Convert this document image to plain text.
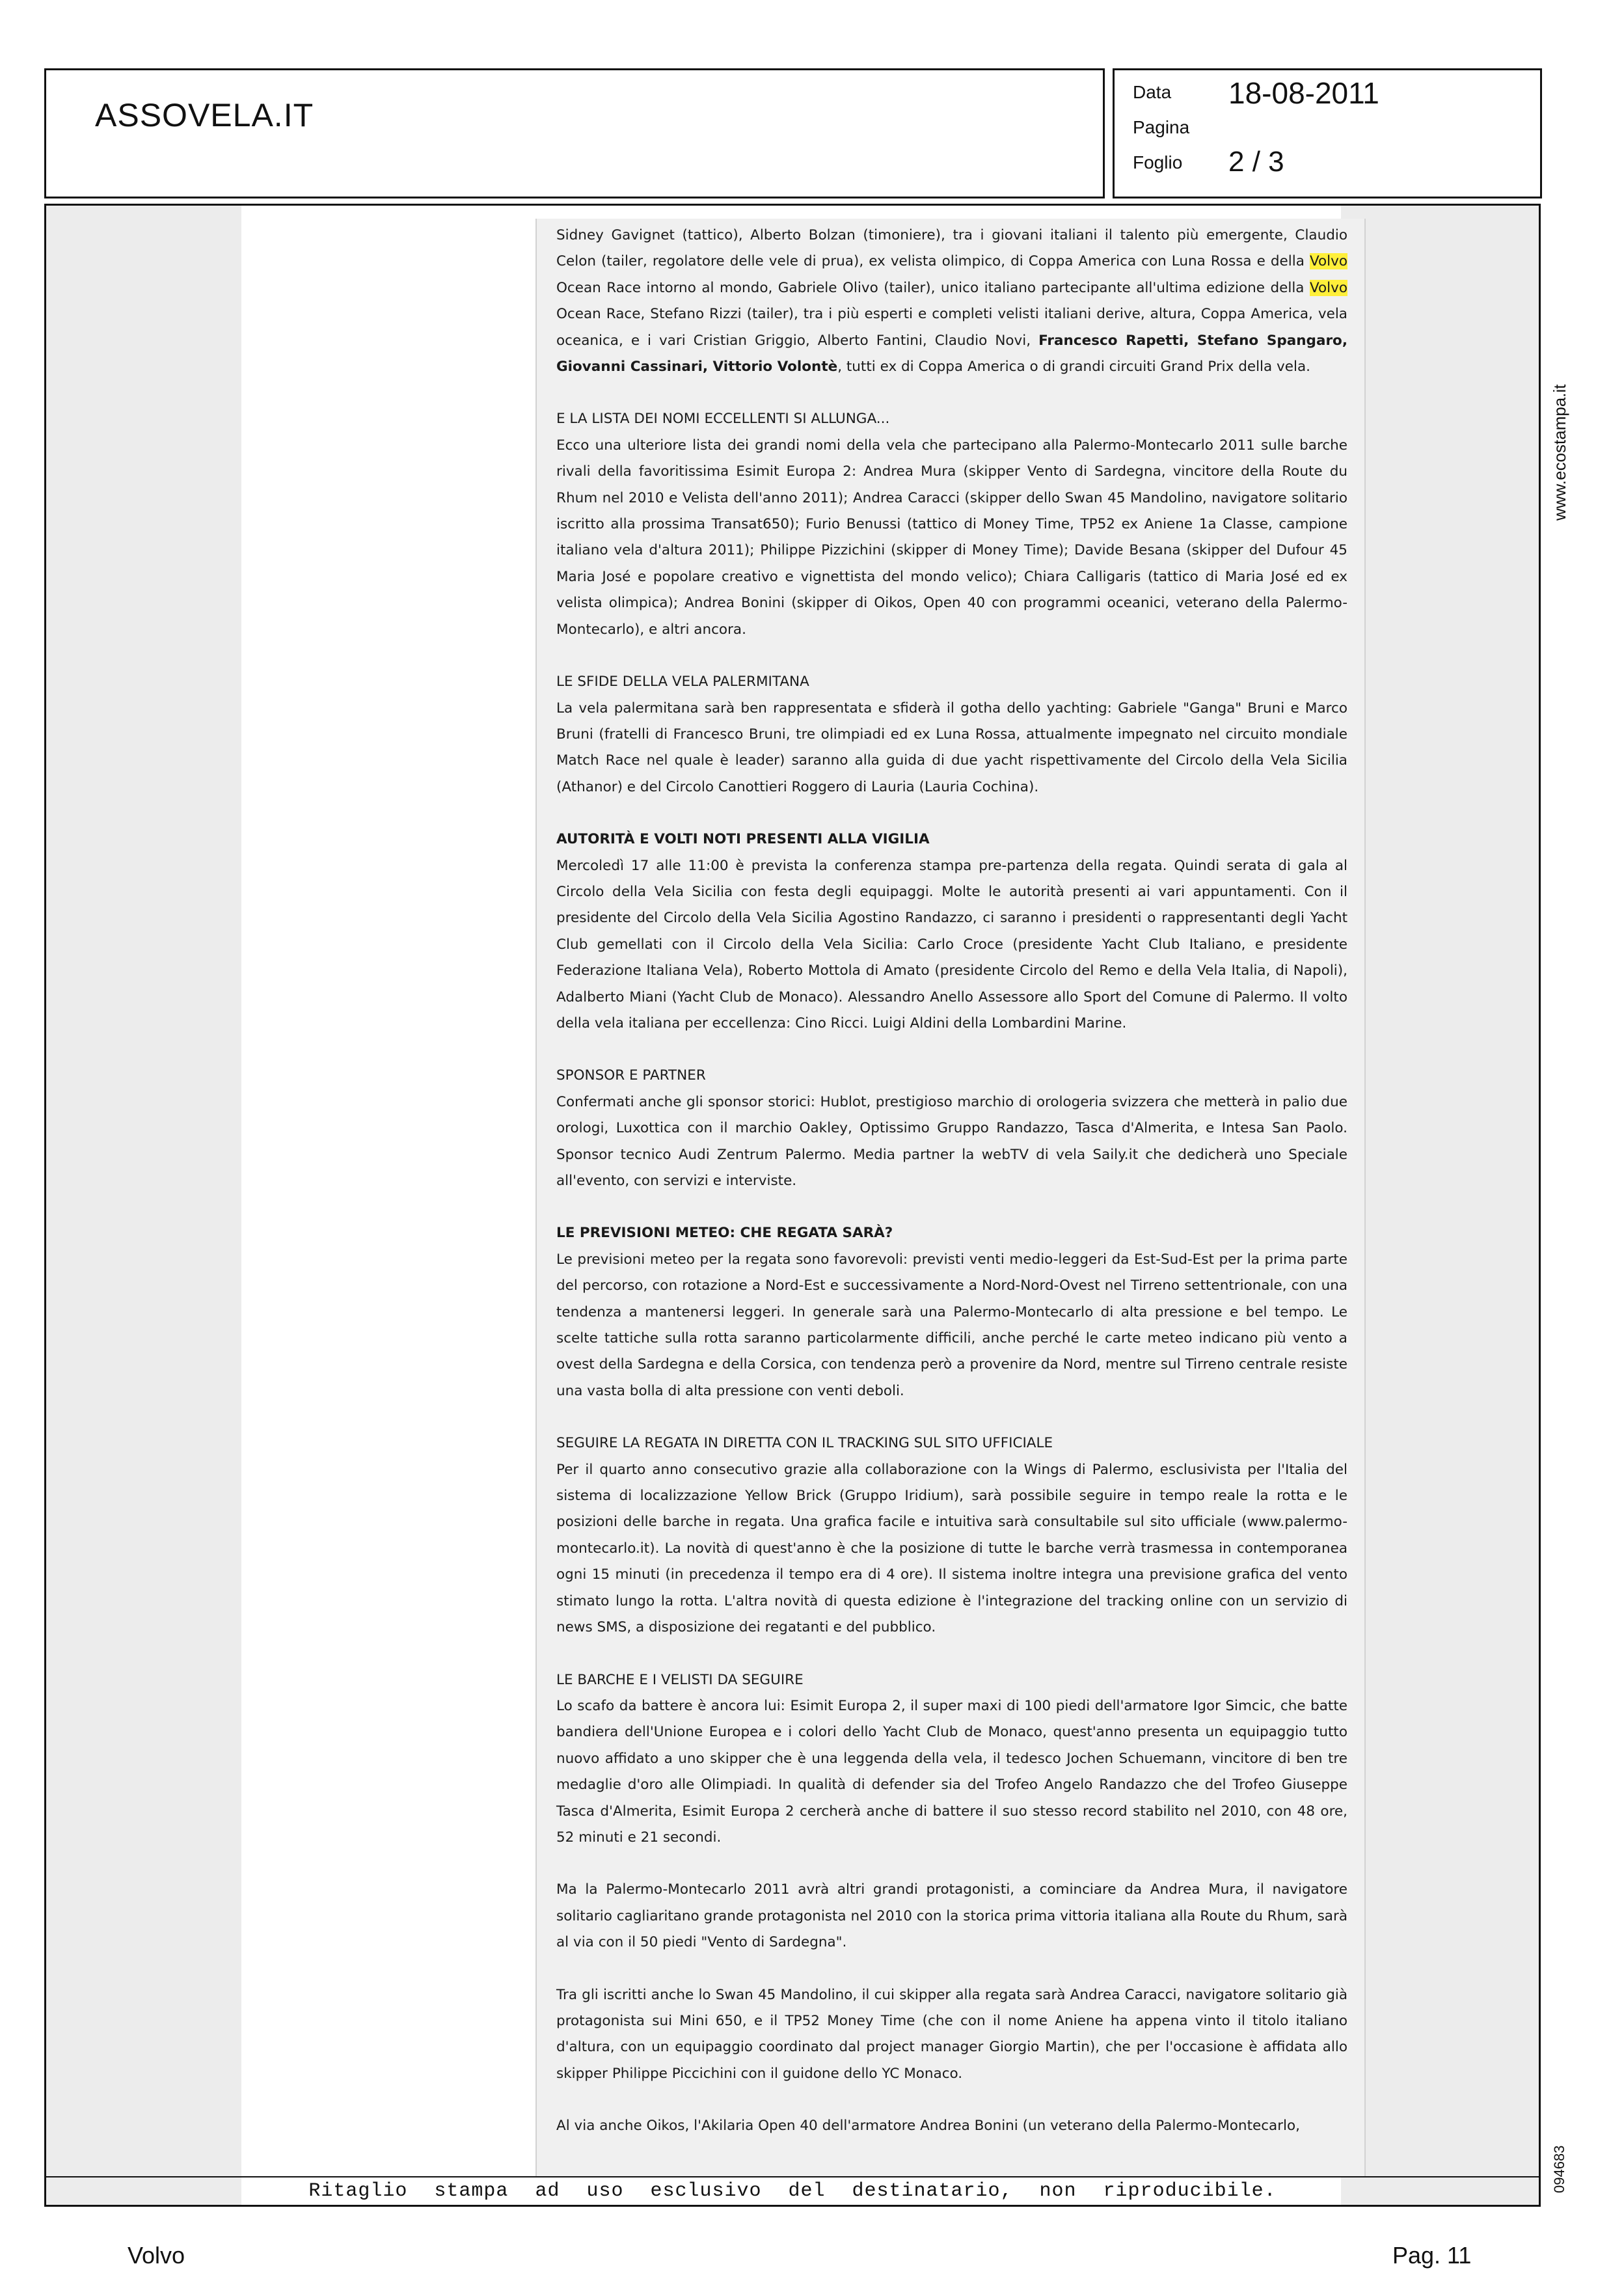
ASSOVELA.IT
Data 18-08-2011
Pagina
Foglio 2 / 3
www.ecostampa.it
094683

Sidney Gavignet (tattico), Alberto Bolzan (timoniere), tra i giovani italiani il talento più emergente, Claudio Celon (tailer, regolatore delle vele di prua), ex velista olimpico, di Coppa America con Luna Rossa e della Volvo Ocean Race intorno al mondo, Gabriele Olivo (tailer), unico italiano partecipante all'ultima edizione della Volvo Ocean Race, Stefano Rizzi (tailer), tra i più esperti e completi velisti italiani derive, altura, Coppa America, vela oceanica, e i vari Cristian Griggio, Alberto Fantini, Claudio Novi, Francesco Rapetti, Stefano Spangaro, Giovanni Cassinari, Vittorio Volontè, tutti ex di Coppa America o di grandi circuiti Grand Prix della vela.

E LA LISTA DEI NOMI ECCELLENTI SI ALLUNGA...
Ecco una ulteriore lista dei grandi nomi della vela che partecipano alla Palermo-Montecarlo 2011 sulle barche rivali della favoritissima Esimit Europa 2: Andrea Mura (skipper Vento di Sardegna, vincitore della Route du Rhum nel 2010 e Velista dell'anno 2011); Andrea Caracci (skipper dello Swan 45 Mandolino, navigatore solitario iscritto alla prossima Transat650); Furio Benussi (tattico di Money Time, TP52 ex Aniene 1a Classe, campione italiano vela d'altura 2011); Philippe Pizzichini (skipper di Money Time); Davide Besana (skipper del Dufour 45 Maria José e popolare creativo e vignettista del mondo velico); Chiara Calligaris (tattico di Maria José ed ex velista olimpica); Andrea Bonini (skipper di Oikos, Open 40 con programmi oceanici, veterano della Palermo-Montecarlo), e altri ancora.

LE SFIDE DELLA VELA PALERMITANA
La vela palermitana sarà ben rappresentata e sfiderà il gotha dello yachting: Gabriele "Ganga" Bruni e Marco Bruni (fratelli di Francesco Bruni, tre olimpiadi ed ex Luna Rossa, attualmente impegnato nel circuito mondiale Match Race nel quale è leader) saranno alla guida di due yacht rispettivamente del Circolo della Vela Sicilia (Athanor) e del Circolo Canottieri Roggero di Lauria (Lauria Cochina).

AUTORITÀ E VOLTI NOTI PRESENTI ALLA VIGILIA
Mercoledì 17 alle 11:00 è prevista la conferenza stampa pre-partenza della regata. Quindi serata di gala al Circolo della Vela Sicilia con festa degli equipaggi. Molte le autorità presenti ai vari appuntamenti. Con il presidente del Circolo della Vela Sicilia Agostino Randazzo, ci saranno i presidenti o rappresentanti degli Yacht Club gemellati con il Circolo della Vela Sicilia: Carlo Croce (presidente Yacht Club Italiano, e presidente Federazione Italiana Vela), Roberto Mottola di Amato (presidente Circolo del Remo e della Vela Italia, di Napoli), Adalberto Miani (Yacht Club de Monaco). Alessandro Anello Assessore allo Sport del Comune di Palermo. Il volto della vela italiana per eccellenza: Cino Ricci. Luigi Aldini della Lombardini Marine.

SPONSOR E PARTNER
Confermati anche gli sponsor storici: Hublot, prestigioso marchio di orologeria svizzera che metterà in palio due orologi, Luxottica con il marchio Oakley, Optissimo Gruppo Randazzo, Tasca d'Almerita, e Intesa San Paolo. Sponsor tecnico Audi Zentrum Palermo. Media partner la webTV di vela Saily.it che dedicherà uno Speciale all'evento, con servizi e interviste.

LE PREVISIONI METEO: CHE REGATA SARÀ?
Le previsioni meteo per la regata sono favorevoli: previsti venti medio-leggeri da Est-Sud-Est per la prima parte del percorso, con rotazione a Nord-Est e successivamente a Nord-Nord-Ovest nel Tirreno settentrionale, con una tendenza a mantenersi leggeri. In generale sarà una Palermo-Montecarlo di alta pressione e bel tempo. Le scelte tattiche sulla rotta saranno particolarmente difficili, anche perché le carte meteo indicano più vento a ovest della Sardegna e della Corsica, con tendenza però a provenire da Nord, mentre sul Tirreno centrale resiste una vasta bolla di alta pressione con venti deboli.

SEGUIRE LA REGATA IN DIRETTA CON IL TRACKING SUL SITO UFFICIALE
Per il quarto anno consecutivo grazie alla collaborazione con la Wings di Palermo, esclusivista per l'Italia del sistema di localizzazione Yellow Brick (Gruppo Iridium), sarà possibile seguire in tempo reale la rotta e le posizioni delle barche in regata. Una grafica facile e intuitiva sarà consultabile sul sito ufficiale (www.palermo-montecarlo.it). La novità di quest'anno è che la posizione di tutte le barche verrà trasmessa in contemporanea ogni 15 minuti (in precedenza il tempo era di 4 ore). Il sistema inoltre integra una previsione grafica del vento stimato lungo la rotta. L'altra novità di questa edizione è l'integrazione del tracking online con un servizio di news SMS, a disposizione dei regatanti e del pubblico.

LE BARCHE E I VELISTI DA SEGUIRE
Lo scafo da battere è ancora lui: Esimit Europa 2, il super maxi di 100 piedi dell'armatore Igor Simcic, che batte bandiera dell'Unione Europea e i colori dello Yacht Club de Monaco, quest'anno presenta un equipaggio tutto nuovo affidato a uno skipper che è una leggenda della vela, il tedesco Jochen Schuemann, vincitore di ben tre medaglie d'oro alle Olimpiadi. In qualità di defender sia del Trofeo Angelo Randazzo che del Trofeo Giuseppe Tasca d'Almerita, Esimit Europa 2 cercherà anche di battere il suo stesso record stabilito nel 2010, con 48 ore, 52 minuti e 21 secondi.

Ma la Palermo-Montecarlo 2011 avrà altri grandi protagonisti, a cominciare da Andrea Mura, il navigatore solitario cagliaritano grande protagonista nel 2010 con la storica prima vittoria italiana alla Route du Rhum, sarà al via con il 50 piedi "Vento di Sardegna".

Tra gli iscritti anche lo Swan 45 Mandolino, il cui skipper alla regata sarà Andrea Caracci, navigatore solitario già protagonista sui Mini 650, e il TP52 Money Time (che con il nome Aniene ha appena vinto il titolo italiano d'altura, con un equipaggio coordinato dal project manager Giorgio Martin), che per l'occasione è affidata allo skipper Philippe Piccichini con il guidone dello YC Monaco.

Al via anche Oikos, l'Akilaria Open 40 dell'armatore Andrea Bonini (un veterano della Palermo-Montecarlo,

Ritaglio stampa ad uso esclusivo del destinatario, non riproducibile.
Volvo	Pag. 11
